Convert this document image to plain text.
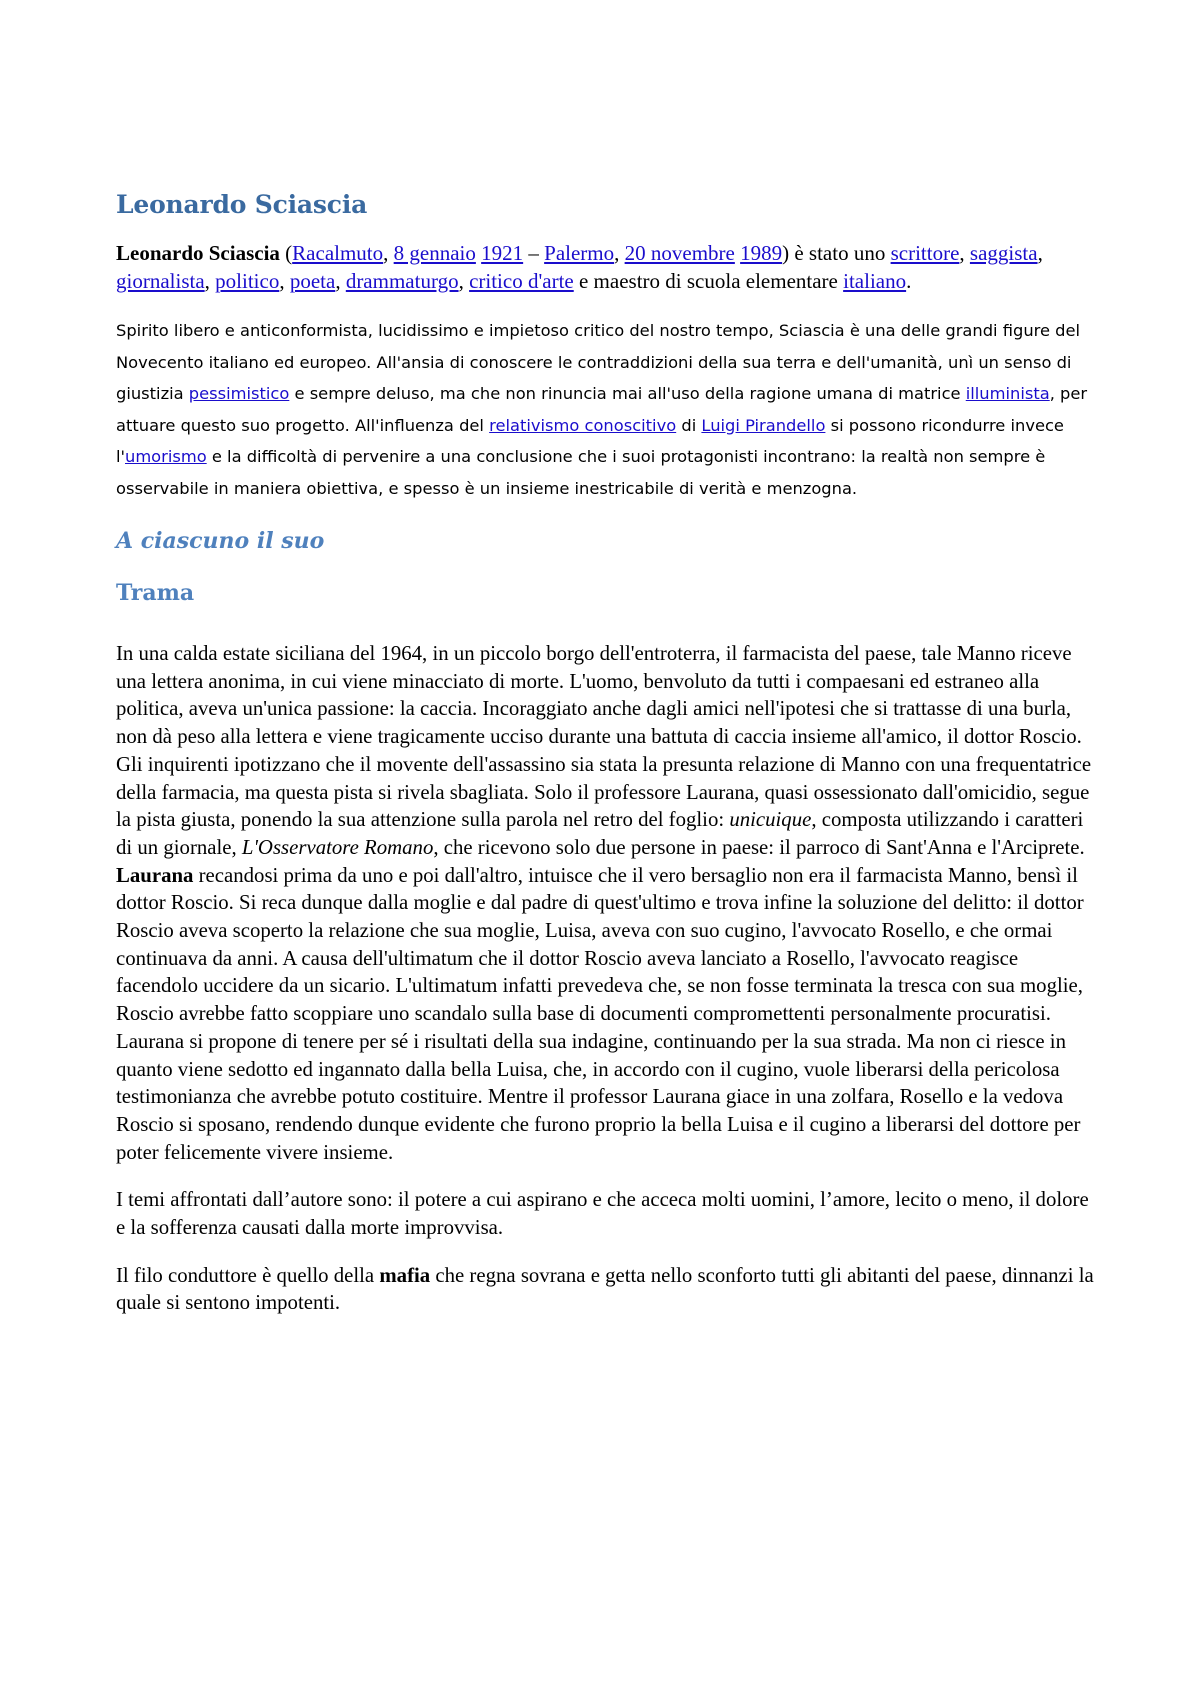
Leonardo Sciascia

Leonardo Sciascia (Racalmuto, 8 gennaio 1921 – Palermo, 20 novembre 1989) è stato uno scrittore, saggista, giornalista, politico, poeta, drammaturgo, critico d'arte e maestro di scuola elementare italiano.

Spirito libero e anticonformista, lucidissimo e impietoso critico del nostro tempo, Sciascia è una delle grandi figure del Novecento italiano ed europeo. All'ansia di conoscere le contraddizioni della sua terra e dell'umanità, unì un senso di giustizia pessimistico e sempre deluso, ma che non rinuncia mai all'uso della ragione umana di matrice illuminista, per attuare questo suo progetto. All'influenza del relativismo conoscitivo di Luigi Pirandello si possono ricondurre invece l'umorismo e la difficoltà di pervenire a una conclusione che i suoi protagonisti incontrano: la realtà non sempre è osservabile in maniera obiettiva, e spesso è un insieme inestricabile di verità e menzogna.

A ciascuno il suo
Trama

In una calda estate siciliana del 1964, in un piccolo borgo dell'entroterra, il farmacista del paese, tale Manno riceve una lettera anonima, in cui viene minacciato di morte. L'uomo, benvoluto da tutti i compaesani ed estraneo alla politica, aveva un'unica passione: la caccia. Incoraggiato anche dagli amici nell'ipotesi che si trattasse di una burla, non dà peso alla lettera e viene tragicamente ucciso durante una battuta di caccia insieme all'amico, il dottor Roscio. Gli inquirenti ipotizzano che il movente dell'assassino sia stata la presunta relazione di Manno con una frequentatrice della farmacia, ma questa pista si rivela sbagliata. Solo il professore Laurana, quasi ossessionato dall'omicidio, segue la pista giusta, ponendo la sua attenzione sulla parola nel retro del foglio: unicuique, composta utilizzando i caratteri di un giornale, L'Osservatore Romano, che ricevono solo due persone in paese: il parroco di Sant'Anna e l'Arciprete. Laurana recandosi prima da uno e poi dall'altro, intuisce che il vero bersaglio non era il farmacista Manno, bensì il dottor Roscio. Si reca dunque dalla moglie e dal padre di quest'ultimo e trova infine la soluzione del delitto: il dottor Roscio aveva scoperto la relazione che sua moglie, Luisa, aveva con suo cugino, l'avvocato Rosello, e che ormai continuava da anni. A causa dell'ultimatum che il dottor Roscio aveva lanciato a Rosello, l'avvocato reagisce facendolo uccidere da un sicario. L'ultimatum infatti prevedeva che, se non fosse terminata la tresca con sua moglie, Roscio avrebbe fatto scoppiare uno scandalo sulla base di documenti compromettenti personalmente procuratisi. Laurana si propone di tenere per sé i risultati della sua indagine, continuando per la sua strada. Ma non ci riesce in quanto viene sedotto ed ingannato dalla bella Luisa, che, in accordo con il cugino, vuole liberarsi della pericolosa testimonianza che avrebbe potuto costituire. Mentre il professor Laurana giace in una zolfara, Rosello e la vedova Roscio si sposano, rendendo dunque evidente che furono proprio la bella Luisa e il cugino a liberarsi del dottore per poter felicemente vivere insieme.

I temi affrontati dall’autore sono: il potere a cui aspirano e che acceca molti uomini, l’amore, lecito o meno, il dolore e la sofferenza causati dalla morte improvvisa.

Il filo conduttore è quello della mafia che regna sovrana e getta nello sconforto tutti gli abitanti del paese, dinnanzi la quale si sentono impotenti.
